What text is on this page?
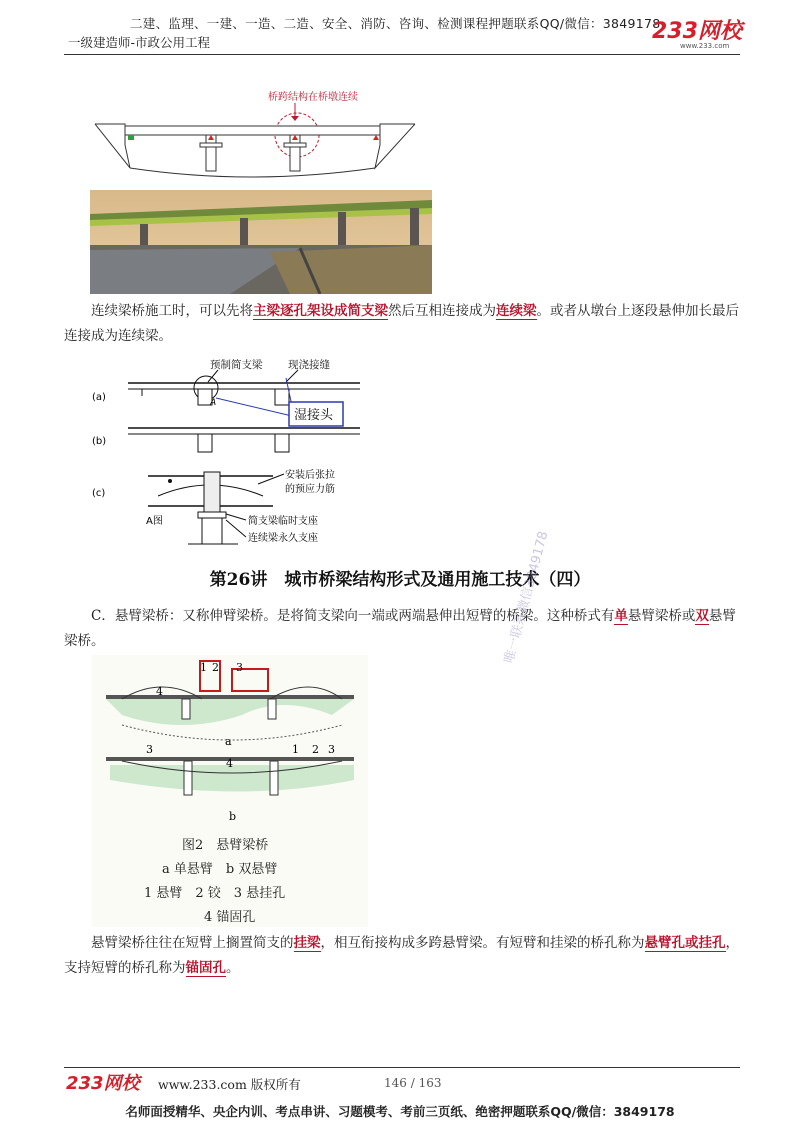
二建、监理、一建、一造、二造、安全、消防、咨询、检测课程押题联系QQ/微信：3849178
一级建造师-市政公用工程	233网校
www.233.com
桥跨结构在桥墩连续
连续梁桥施工时，可以先将主梁逐孔架设成简支梁然后互相连接成为连续梁。或者从墩台上逐段悬伸加长最后连接成为连续梁。
预制简支梁 现浇接缝
(a)	A
湿接头
(b)
(c)
安装后张拉
的预应力筋
A图	简支梁临时支座
连续梁永久支座
第26讲　城市桥梁结构形式及通用施工技术（四）
C．悬臂梁桥：又称伸臂梁桥。是将简支梁向一端或两端悬伸出短臂的桥梁。这种桥式有单悬臂梁桥或双悬臂梁桥。
1 2 3
4
a
3	1 2 3
4
b
图2　悬臂梁桥
a 单悬臂　b 双悬臂
1 悬臂　2 铰　3 悬挂孔
4 锚固孔
唯一联系微信3849178
悬臂梁桥往往在短臂上搁置简支的挂梁，相互衔接构成多跨悬臂梁。有短臂和挂梁的桥孔称为悬臂孔或挂孔，支持短臂的桥孔称为锚固孔。
233网校 www.233.com 版权所有	146 / 163
名师面授精华、央企内训、考点串讲、习题模考、考前三页纸、绝密押题联系QQ/微信：3849178
